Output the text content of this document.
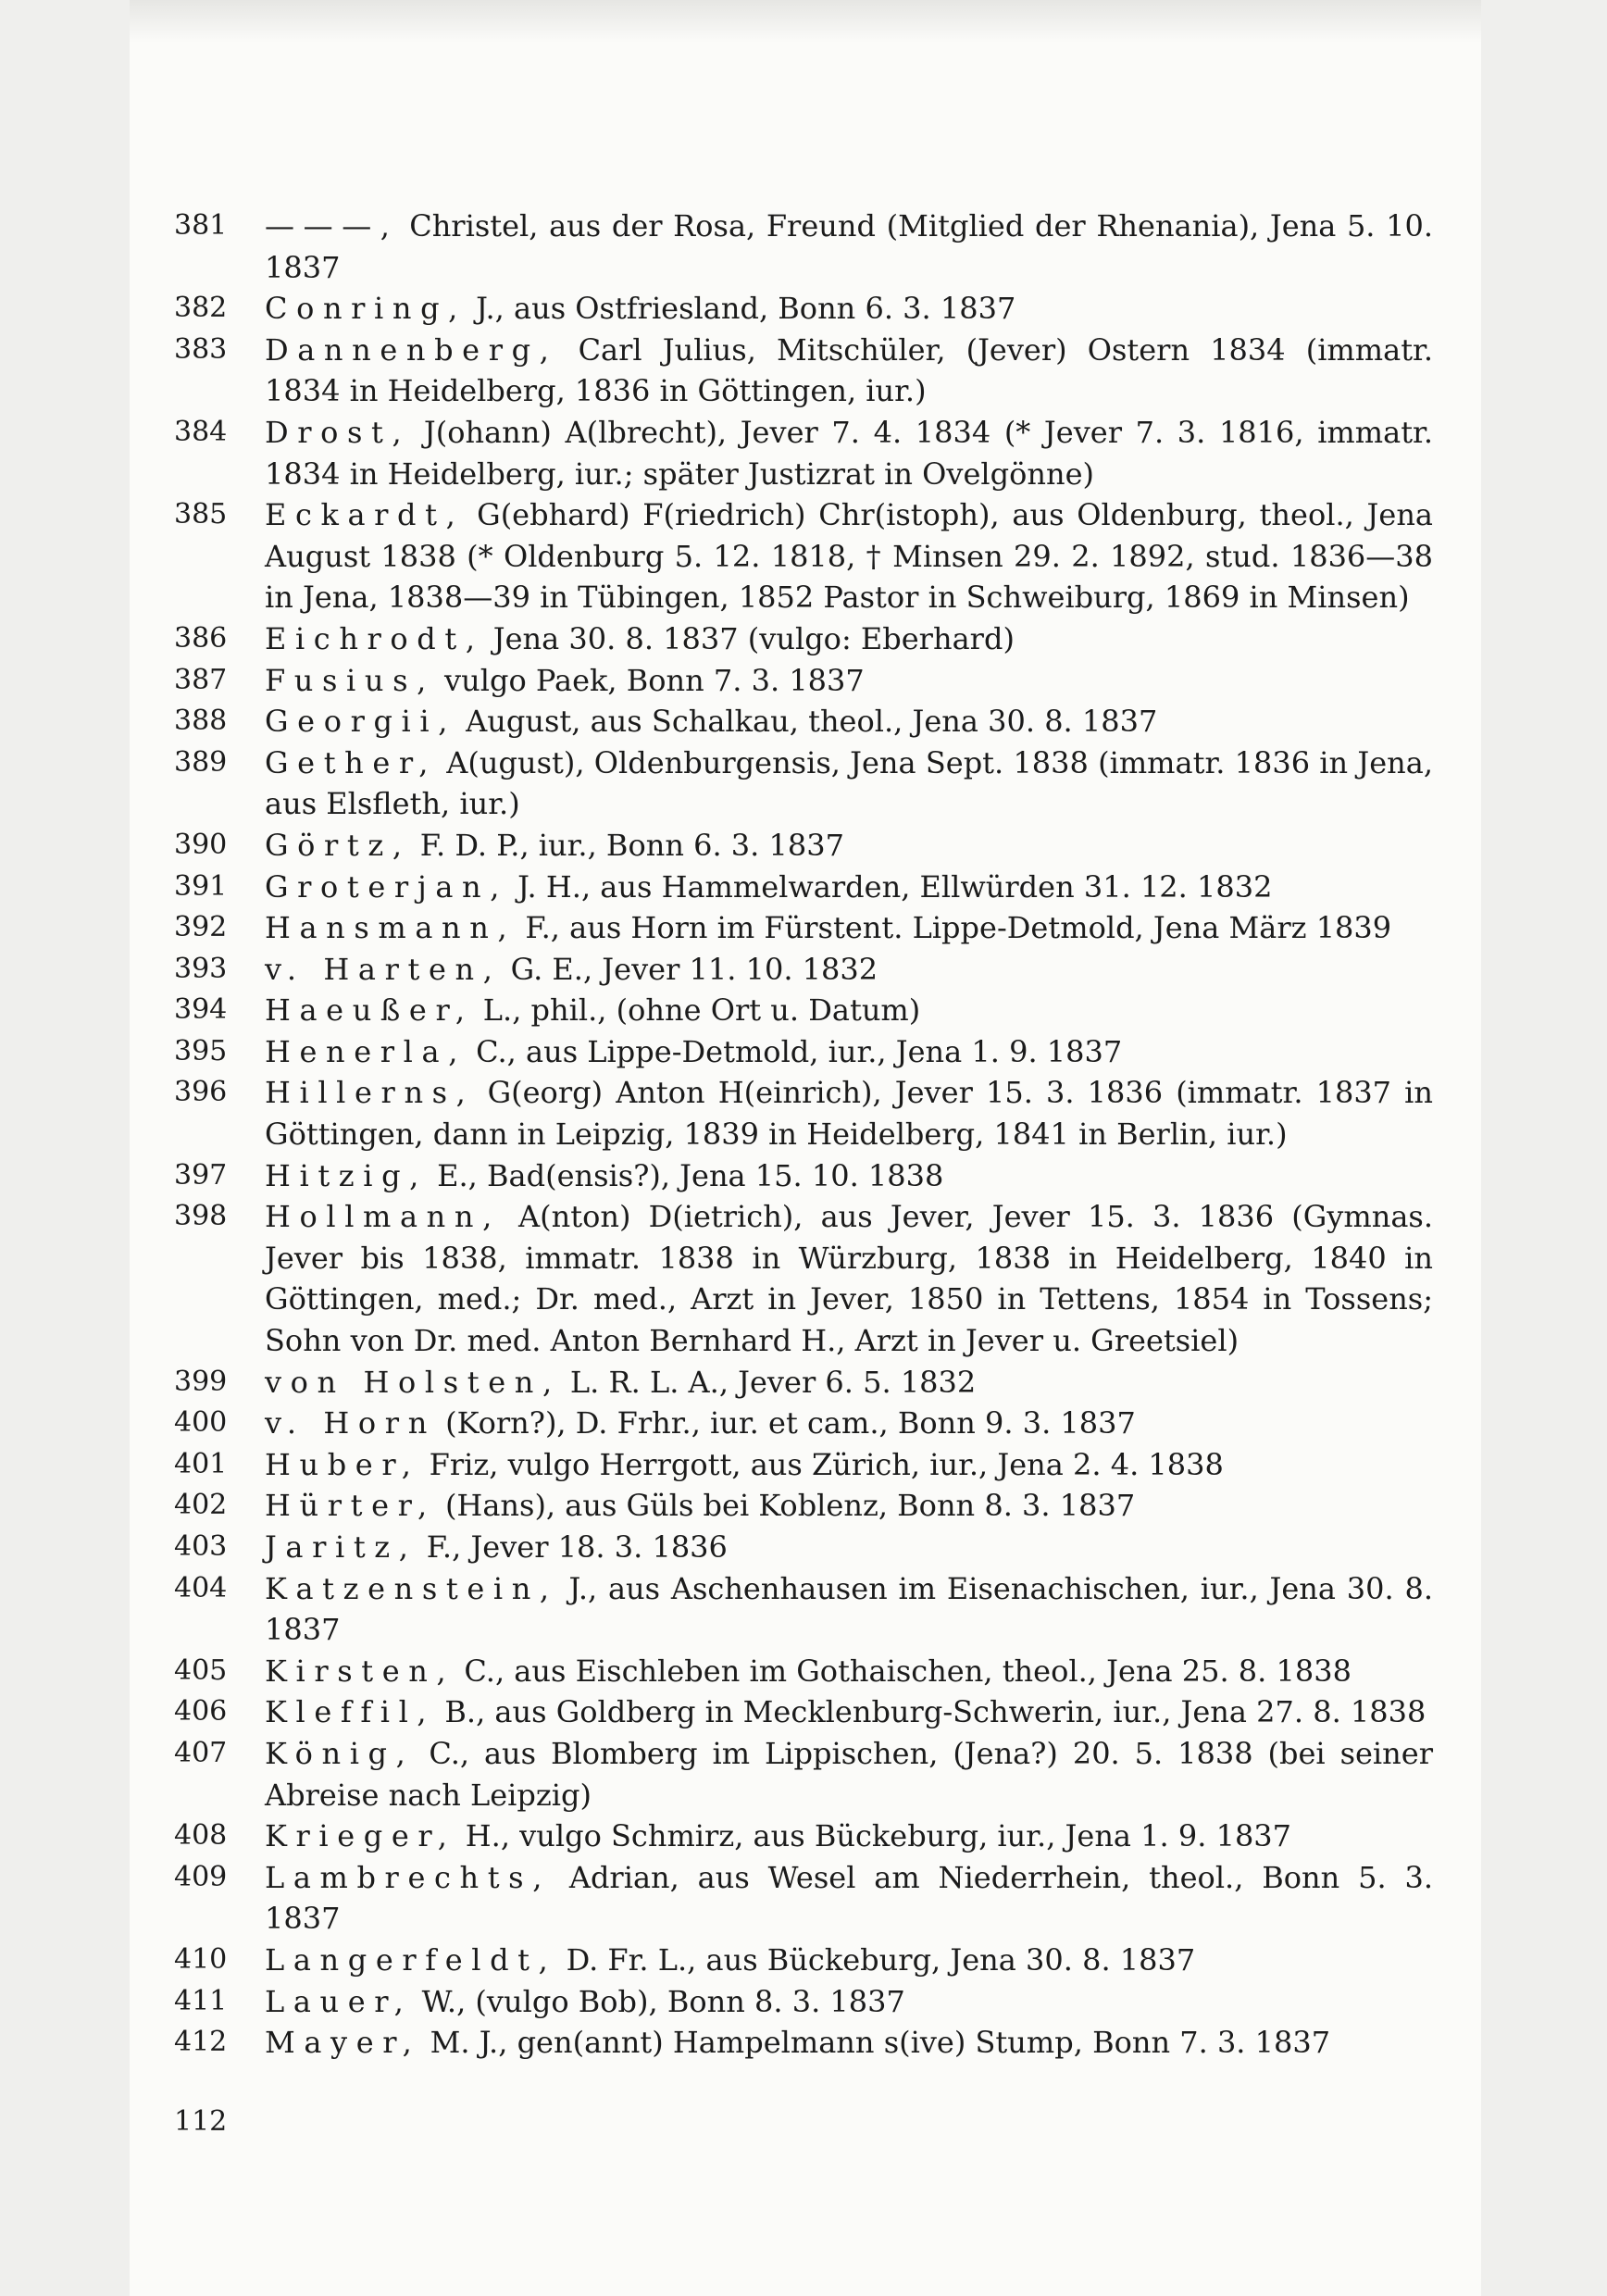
381	———, Christel, aus der Rosa, Freund (Mitglied der Rhenania), Jena 5. 10. 1837
382	Conring, J., aus Ostfriesland, Bonn 6. 3. 1837
383	Dannenberg, Carl Julius, Mitschüler, (Jever) Ostern 1834 (immatr. 1834 in Heidelberg, 1836 in Göttingen, iur.)
384	Drost, J(ohann) A(lbrecht), Jever 7. 4. 1834 (* Jever 7. 3. 1816, immatr. 1834 in Heidelberg, iur.; später Justizrat in Ovelgönne)
385	Eckardt, G(ebhard) F(riedrich) Chr(istoph), aus Oldenburg, theol., Jena August 1838 (* Oldenburg 5. 12. 1818, † Minsen 29. 2. 1892, stud. 1836—38 in Jena, 1838—39 in Tübingen, 1852 Pastor in Schweiburg, 1869 in Minsen)
386	Eichrodt, Jena 30. 8. 1837 (vulgo: Eberhard)
387	Fusius, vulgo Paek, Bonn 7. 3. 1837
388	Georgii, August, aus Schalkau, theol., Jena 30. 8. 1837
389	Gether, A(ugust), Oldenburgensis, Jena Sept. 1838 (immatr. 1836 in Jena, aus Elsfleth, iur.)
390	Görtz, F. D. P., iur., Bonn 6. 3. 1837
391	Groterjan, J. H., aus Hammelwarden, Ellwürden 31. 12. 1832
392	Hansmann, F., aus Horn im Fürstent. Lippe-Detmold, Jena März 1839
393	v. Harten, G. E., Jever 11. 10. 1832
394	Haeußer, L., phil., (ohne Ort u. Datum)
395	Henerla, C., aus Lippe-Detmold, iur., Jena 1. 9. 1837
396	Hillerns, G(eorg) Anton H(einrich), Jever 15. 3. 1836 (immatr. 1837 in Göttingen, dann in Leipzig, 1839 in Heidelberg, 1841 in Berlin, iur.)
397	Hitzig, E., Bad(ensis?), Jena 15. 10. 1838
398	Hollmann, A(nton) D(ietrich), aus Jever, Jever 15. 3. 1836 (Gymnas. Jever bis 1838, immatr. 1838 in Würzburg, 1838 in Heidelberg, 1840 in Göttingen, med.; Dr. med., Arzt in Jever, 1850 in Tettens, 1854 in Tossens; Sohn von Dr. med. Anton Bernhard H., Arzt in Jever u. Greetsiel)
399	von Holsten, L. R. L. A., Jever 6. 5. 1832
400	v. Horn (Korn?), D. Frhr., iur. et cam., Bonn 9. 3. 1837
401	Huber, Friz, vulgo Herrgott, aus Zürich, iur., Jena 2. 4. 1838
402	Hürter, (Hans), aus Güls bei Koblenz, Bonn 8. 3. 1837
403	Jaritz, F., Jever 18. 3. 1836
404	Katzenstein, J., aus Aschenhausen im Eisenachischen, iur., Jena 30. 8. 1837
405	Kirsten, C., aus Eischleben im Gothaischen, theol., Jena 25. 8. 1838
406	Kleffil, B., aus Goldberg in Mecklenburg-Schwerin, iur., Jena 27. 8. 1838
407	König, C., aus Blomberg im Lippischen, (Jena?) 20. 5. 1838 (bei seiner Abreise nach Leipzig)
408	Krieger, H., vulgo Schmirz, aus Bückeburg, iur., Jena 1. 9. 1837
409	Lambrechts, Adrian, aus Wesel am Niederrhein, theol., Bonn 5. 3. 1837
410	Langerfeldt, D. Fr. L., aus Bückeburg, Jena 30. 8. 1837
411	Lauer, W., (vulgo Bob), Bonn 8. 3. 1837
412	Mayer, M. J., gen(annt) Hampelmann s(ive) Stump, Bonn 7. 3. 1837
112
